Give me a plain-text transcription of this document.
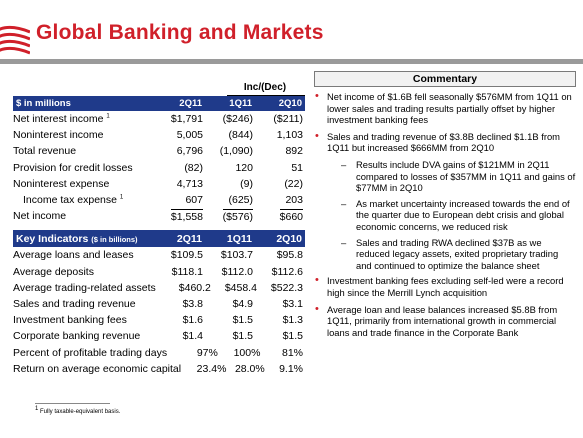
Global Banking and Markets
Inc/(Dec)
$ in millions	2Q11	1Q11	2Q10
Net interest income $^1$	$1,791	($246)	($211)
Noninterest income	5,005	(844)	1,103
Total revenue	6,796	(1,090)	892
Provision for credit losses	(82)	120	51
Noninterest expense	4,713	(9)	(22)
Income tax expense $^1$	607	(625)	203
Net income	$1,558	($576)	$660
Key Indicators ($ in billions)	2Q11	1Q11	2Q10
Average loans and leases	$109.5	$103.7	$95.8
Average deposits	$118.1	$112.0	$112.6
Average trading-related assets	$460.2	$458.4	$522.3
Sales and trading revenue	$3.8	$4.9	$3.1
Investment banking fees	$1.6	$1.5	$1.3
Corporate banking revenue	$1.4	$1.5	$1.5
Percent of profitable trading days	97%	100%	81%
Return on average economic capital	23.4% 28.0%	9.1%
Commentary
• Net income of $1.6B fell seasonally $576MM from 1Q11 on lower sales and trading results partially offset by higher investment banking fees
• Sales and trading revenue of $3.8B declined $1.1B from 1Q11 but increased $666MM from 2Q10
– Results include DVA gains of $121MM in 2Q11 compared to losses of $357MM in 1Q11 and gains of $77MM in 2Q10
– As market uncertainty increased towards the end of the quarter due to European debt crisis and global economic concerns, we reduced risk
– Sales and trading RWA declined $37B as we reduced legacy assets, exited proprietary trading and continued to optimize the balance sheet
• Investment banking fees excluding self-led were a record high since the Merrill Lynch acquisition
• Average loan and lease balances increased $5.8B from 1Q11, primarily from international growth in commercial loans and trade finance in the Corporate Bank
$^1$ Fully taxable-equivalent basis.
